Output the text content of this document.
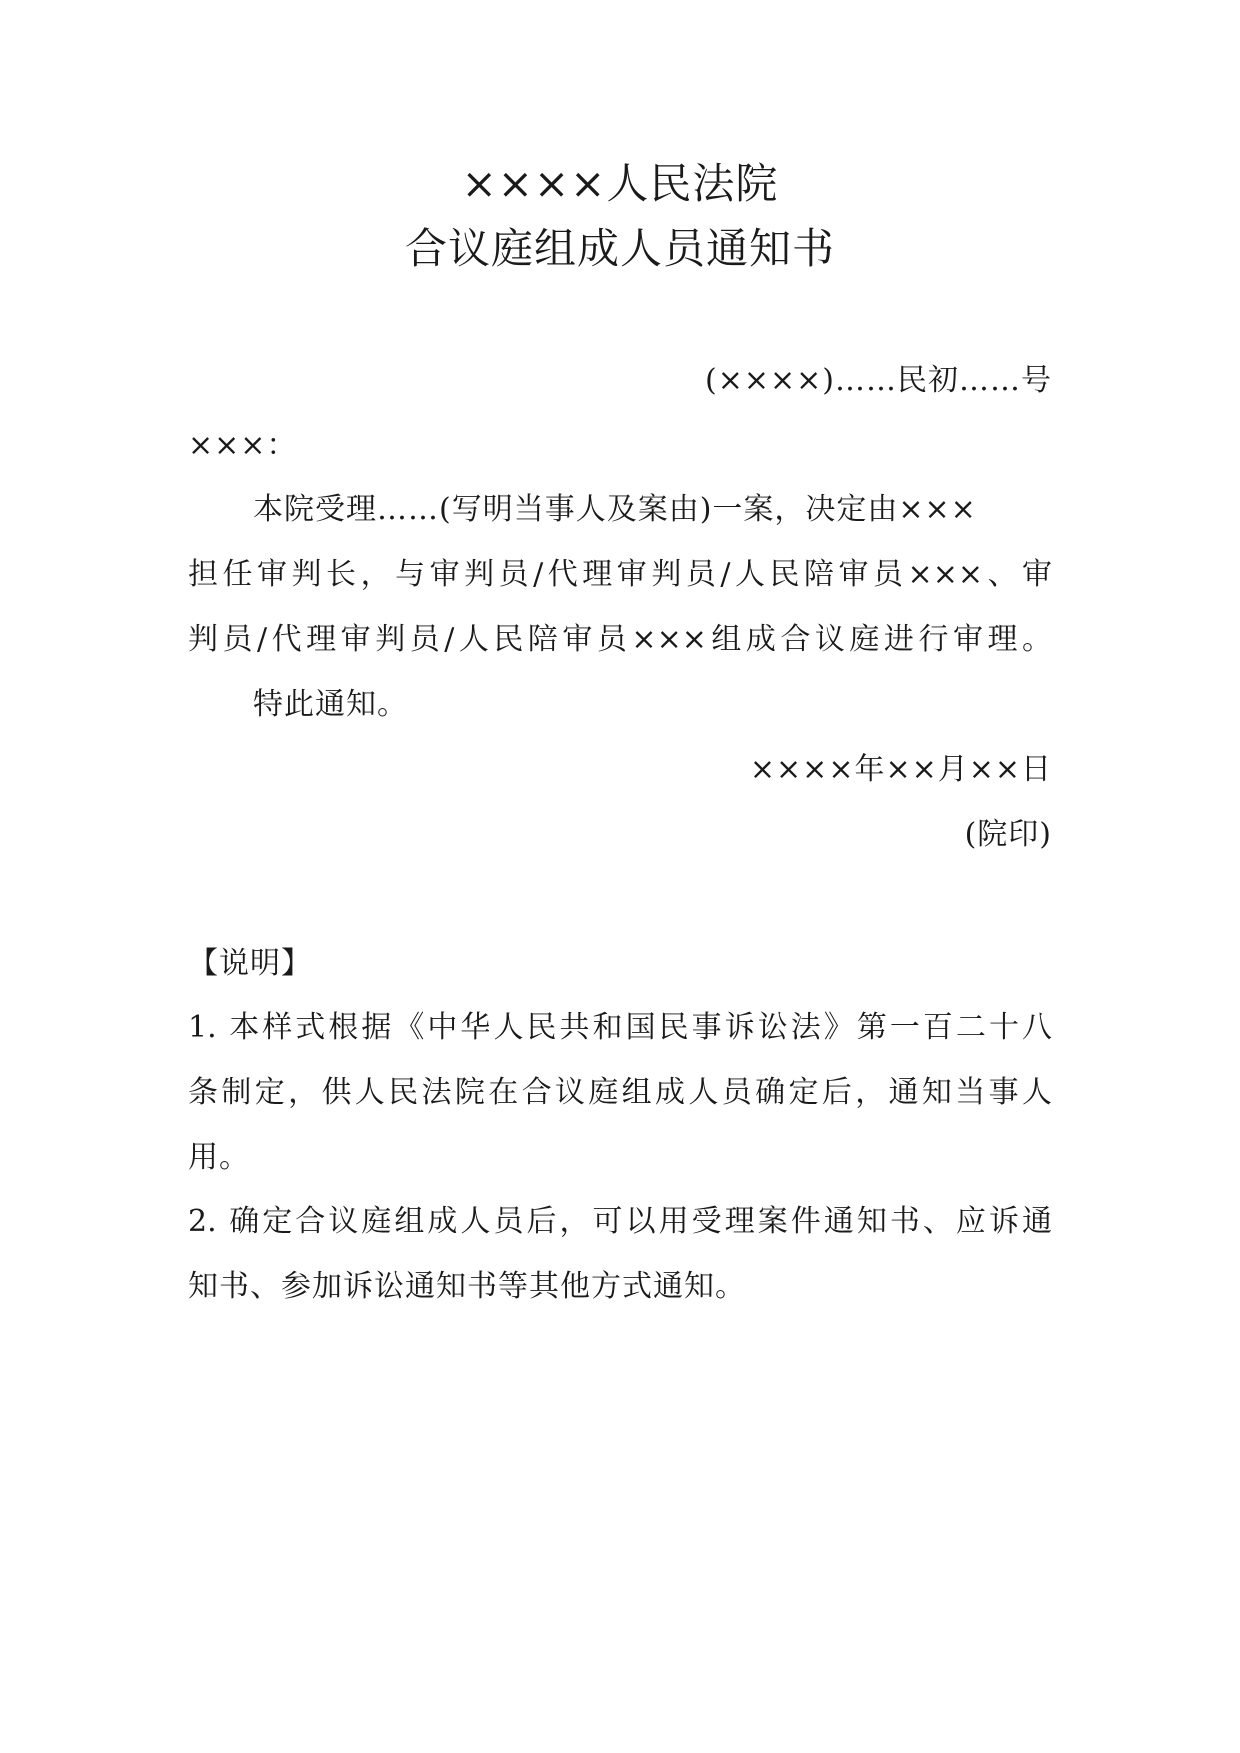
××××人民法院
合议庭组成人员通知书

(××××)……民初……号

×××：

本院受理……(写明当事人及案由)一案，决定由×××

担任审判长，与审判员/代理审判员/人民陪审员×××、审

判员/代理审判员/人民陪审员×××组成合议庭进行审理。

特此通知。

××××年××月××日

(院印)

【说明】

1. 本样式根据《中华人民共和国民事诉讼法》第一百二十八

条制定，供人民法院在合议庭组成人员确定后，通知当事人

用。

2. 确定合议庭组成人员后，可以用受理案件通知书、应诉通

知书、参加诉讼通知书等其他方式通知。
